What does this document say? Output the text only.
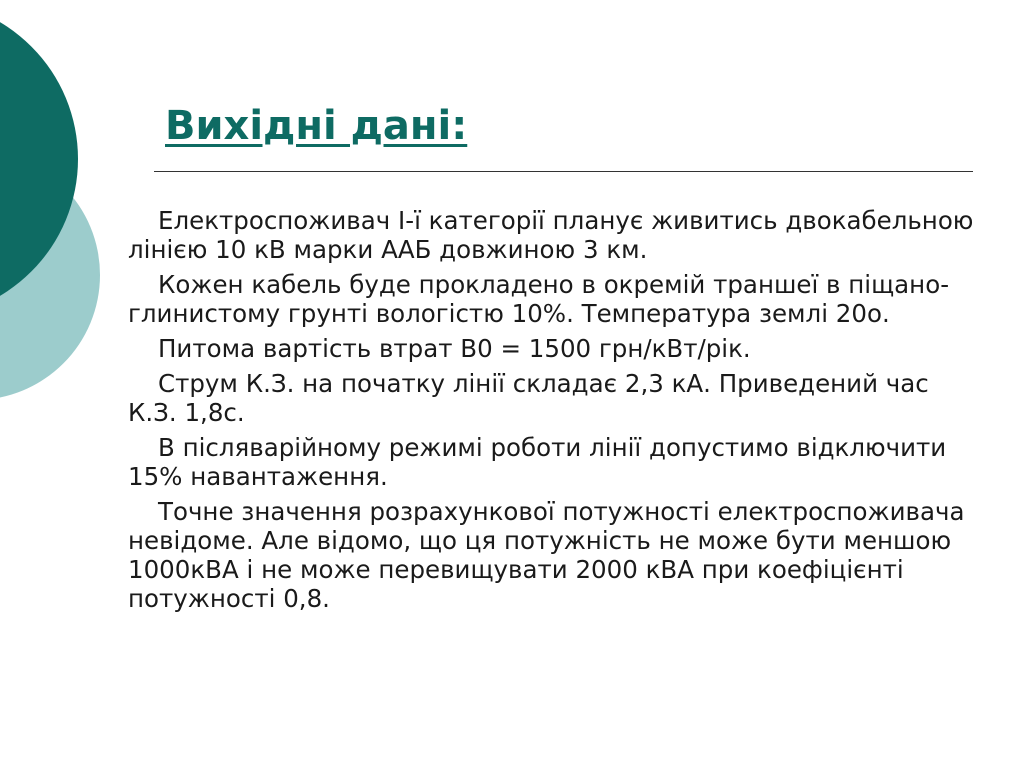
Вихідні дані:

Електроспоживач І-ї категорії планує живитись двокабельною лінією 10 кВ марки ААБ довжиною 3 км.

Кожен кабель буде прокладено в окремій траншеї в піщано-глинистому грунті вологістю 10%. Температура землі 20о.

Питома вартість втрат В0 = 1500 грн/кВт/рік.

Струм К.З. на початку лінії складає 2,3 кА. Приведений час К.З. 1,8с.

В післяварійному режимі роботи лінії допустимо відключити 15% навантаження.

Точне значення розрахункової потужності електроспоживача невідоме. Але відомо, що ця потужність не може бути меншою 1000кВА і не може перевищувати 2000 кВА при коефіцієнті потужності 0,8.
